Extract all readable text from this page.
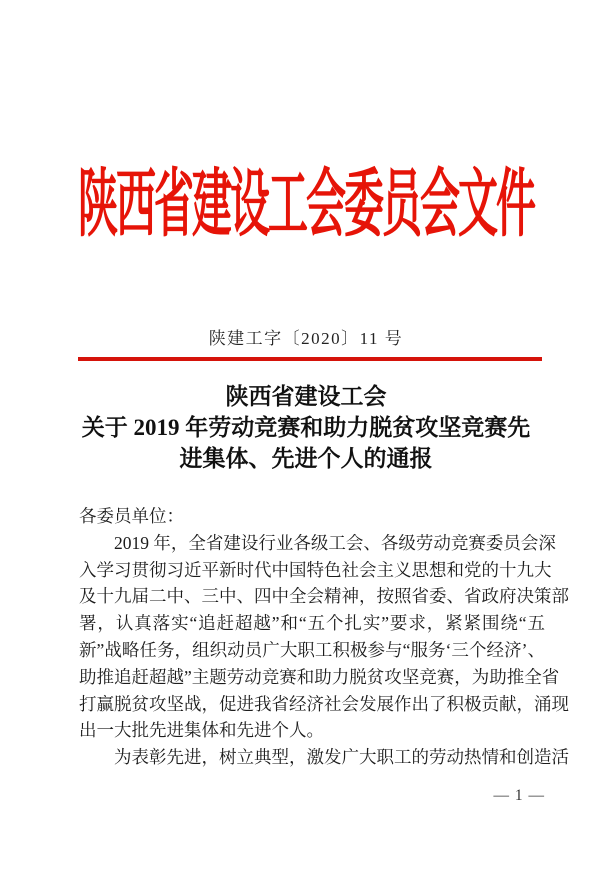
陕西省建设工会委员会文件
陕建工字〔2020〕11 号
陕西省建设工会
关于 2019 年劳动竞赛和助力脱贫攻坚竞赛先
进集体、先进个人的通报
各委员单位：
2019 年，全省建设行业各级工会、各级劳动竞赛委员会深
入学习贯彻习近平新时代中国特色社会主义思想和党的十九大
及十九届二中、三中、四中全会精神，按照省委、省政府决策部
署，认真落实“追赶超越”和“五个扎实”要求，紧紧围绕“五
新”战略任务，组织动员广大职工积极参与“服务‘三个经济’、
助推追赶超越”主题劳动竞赛和助力脱贫攻坚竞赛，为助推全省
打赢脱贫攻坚战，促进我省经济社会发展作出了积极贡献，涌现
出一大批先进集体和先进个人。
为表彰先进，树立典型，激发广大职工的劳动热情和创造活
— 1 —
